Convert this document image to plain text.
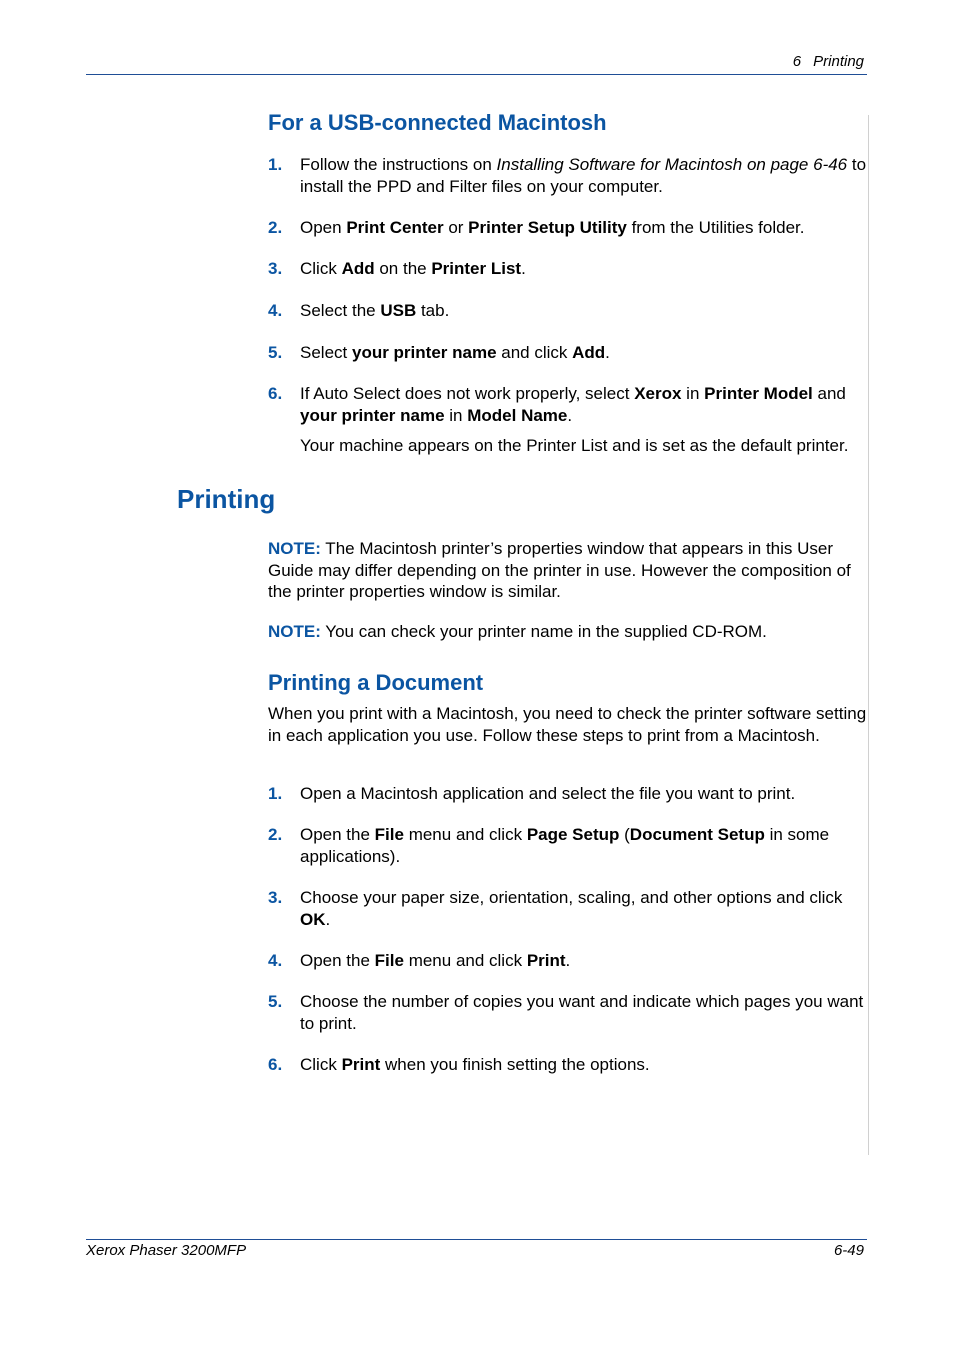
6 Printing
For a USB-connected Macintosh
1. Follow the instructions on Installing Software for Macintosh on page 6-46 to install the PPD and Filter files on your computer.
2. Open Print Center or Printer Setup Utility from the Utilities folder.
3. Click Add on the Printer List.
4. Select the USB tab.
5. Select your printer name and click Add.
6. If Auto Select does not work properly, select Xerox in Printer Model and your printer name in Model Name.
Your machine appears on the Printer List and is set as the default printer.
Printing
NOTE: The Macintosh printer’s properties window that appears in this User Guide may differ depending on the printer in use. However the composition of the printer properties window is similar.
NOTE: You can check your printer name in the supplied CD-ROM.
Printing a Document
When you print with a Macintosh, you need to check the printer software setting in each application you use. Follow these steps to print from a Macintosh.
1. Open a Macintosh application and select the file you want to print.
2. Open the File menu and click Page Setup (Document Setup in some applications).
3. Choose your paper size, orientation, scaling, and other options and click OK.
4. Open the File menu and click Print.
5. Choose the number of copies you want and indicate which pages you want to print.
6. Click Print when you finish setting the options.
Xerox Phaser 3200MFP	6-49
